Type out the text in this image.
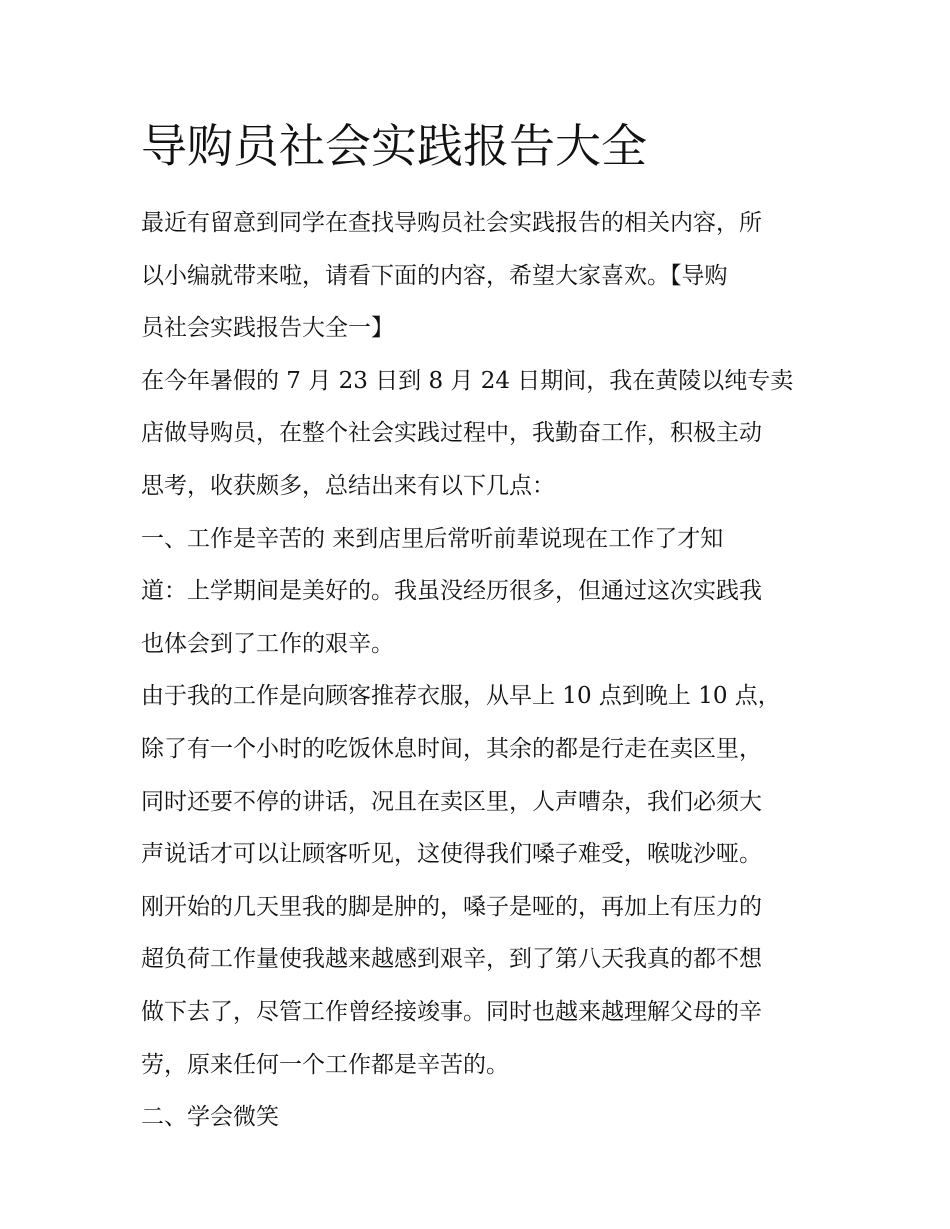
导购员社会实践报告大全
最近有留意到同学在查找导购员社会实践报告的相关内容，所
以小编就带来啦，请看下面的内容，希望大家喜欢。【导购
员社会实践报告大全一】
在今年暑假的 7 月 23 日到 8 月 24 日期间，我在黄陵以纯专卖
店做导购员，在整个社会实践过程中，我勤奋工作，积极主动
思考，收获颇多，总结出来有以下几点：
一、工作是辛苦的 来到店里后常听前辈说现在工作了才知
道：上学期间是美好的。我虽没经历很多，但通过这次实践我
也体会到了工作的艰辛。
由于我的工作是向顾客推荐衣服，从早上 10 点到晚上 10 点，
除了有一个小时的吃饭休息时间，其余的都是行走在卖区里，
同时还要不停的讲话，况且在卖区里，人声嘈杂，我们必须大
声说话才可以让顾客听见，这使得我们嗓子难受，喉咙沙哑。
刚开始的几天里我的脚是肿的，嗓子是哑的，再加上有压力的
超负荷工作量使我越来越感到艰辛，到了第八天我真的都不想
做下去了，尽管工作曾经接竣事。同时也越来越理解父母的辛
劳，原来任何一个工作都是辛苦的。
二、学会微笑
